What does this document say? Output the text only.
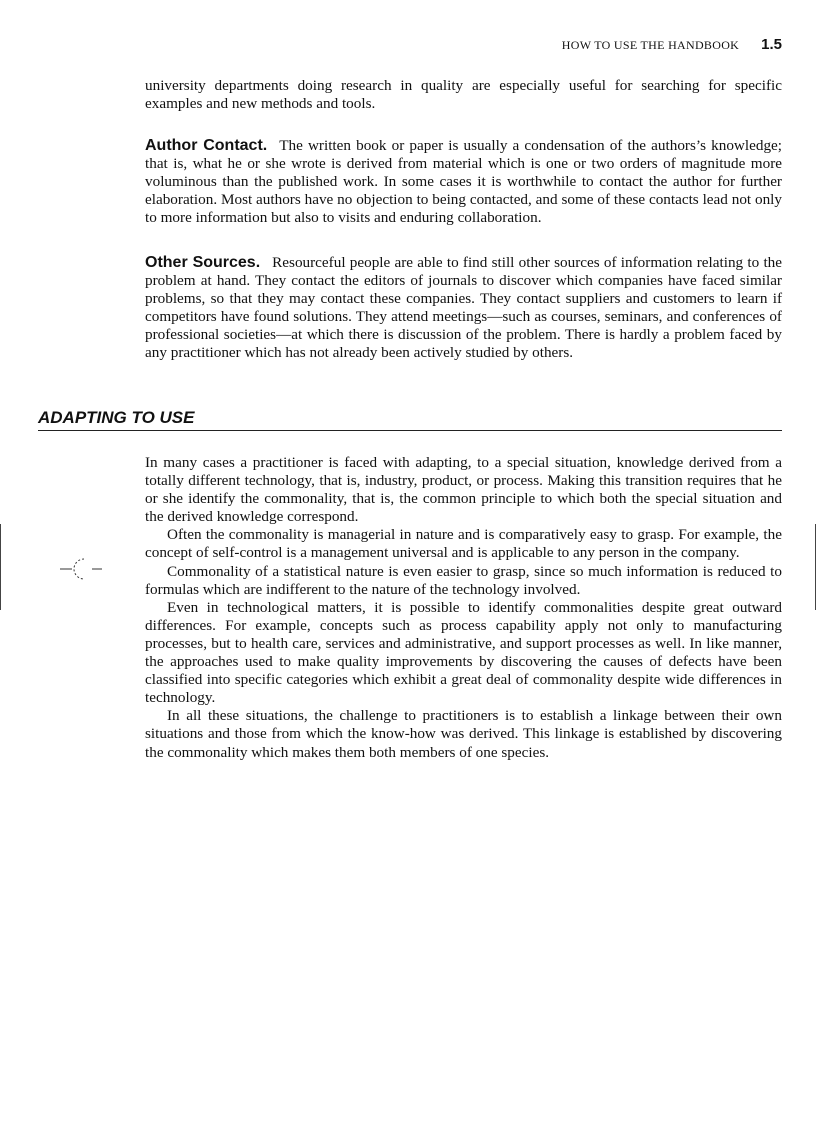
HOW TO USE THE HANDBOOK 1.5

university departments doing research in quality are especially useful for searching for specific examples and new methods and tools.

Author Contact. The written book or paper is usually a condensation of the authors’s knowledge; that is, what he or she wrote is derived from material which is one or two orders of magnitude more voluminous than the published work. In some cases it is worthwhile to contact the author for further elaboration. Most authors have no objection to being contacted, and some of these contacts lead not only to more information but also to visits and enduring collaboration.

Other Sources. Resourceful people are able to find still other sources of information relating to the problem at hand. They contact the editors of journals to discover which companies have faced similar problems, so that they may contact these companies. They contact suppliers and customers to learn if competitors have found solutions. They attend meetings—such as courses, seminars, and conferences of professional societies—at which there is discussion of the problem. There is hardly a problem faced by any practitioner which has not already been actively studied by others.

ADAPTING TO USE

In many cases a practitioner is faced with adapting, to a special situation, knowledge derived from a totally different technology, that is, industry, product, or process. Making this transition requires that he or she identify the commonality, that is, the common principle to which both the special situation and the derived knowledge correspond.

Often the commonality is managerial in nature and is comparatively easy to grasp. For example, the concept of self-control is a management universal and is applicable to any person in the company.

Commonality of a statistical nature is even easier to grasp, since so much information is reduced to formulas which are indifferent to the nature of the technology involved.

Even in technological matters, it is possible to identify commonalities despite great outward differences. For example, concepts such as process capability apply not only to manufacturing processes, but to health care, services and administrative, and support processes as well. In like manner, the approaches used to make quality improvements by discovering the causes of defects have been classified into specific categories which exhibit a great deal of commonality despite wide differences in technology.

In all these situations, the challenge to practitioners is to establish a linkage between their own situations and those from which the know-how was derived. This linkage is established by discovering the commonality which makes them both members of one species.
